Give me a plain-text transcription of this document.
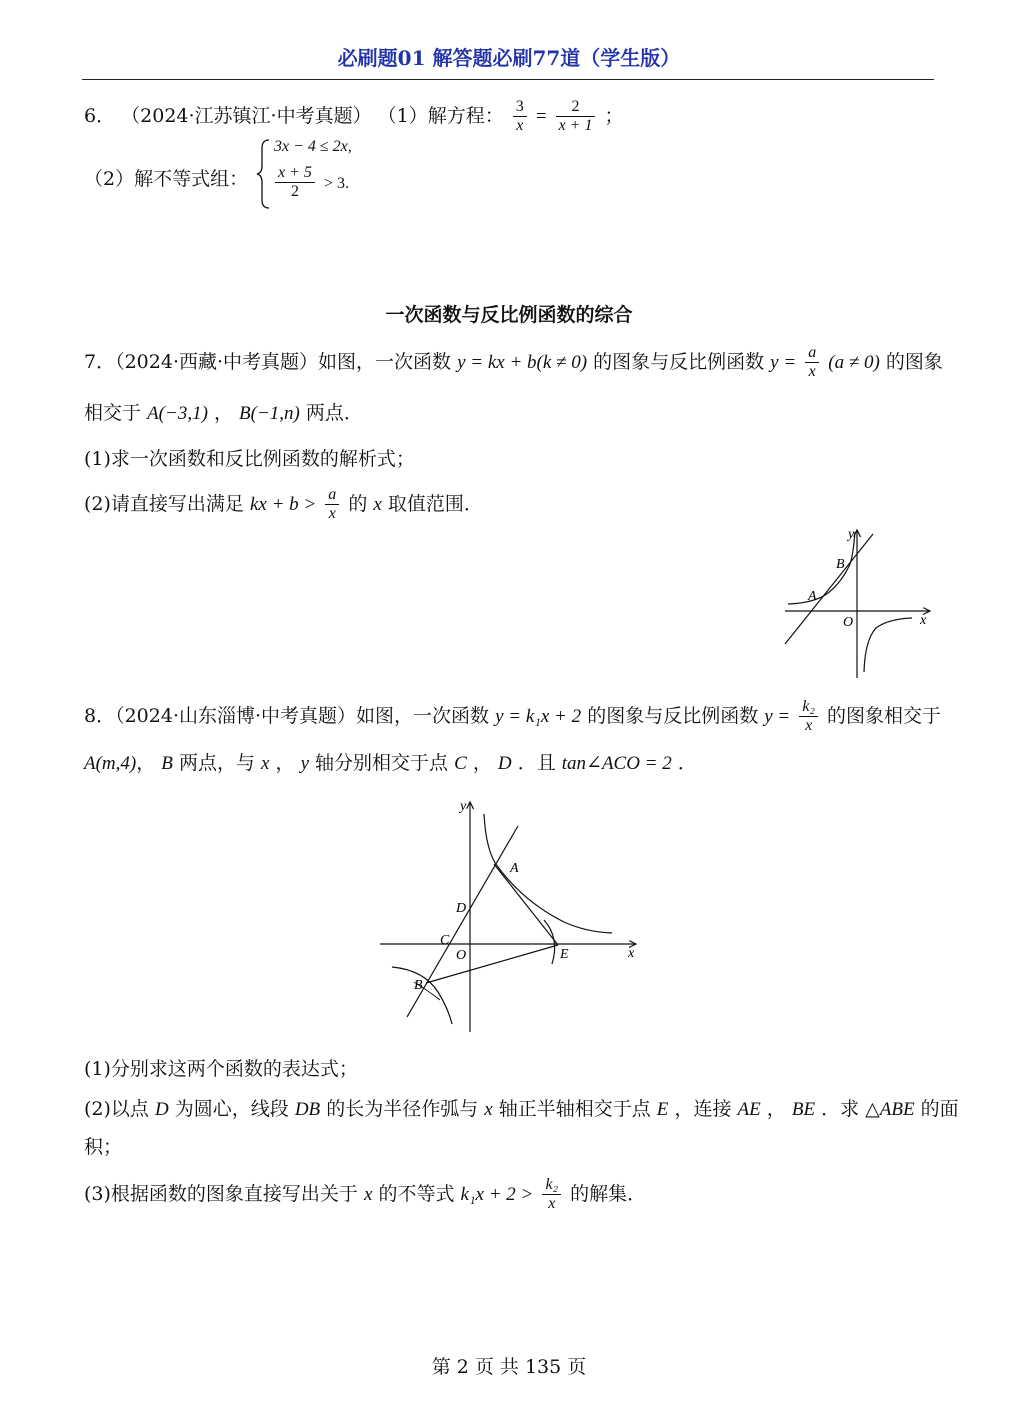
必刷题01 解答题必刷77道（学生版）
6． （2024·江苏镇江·中考真题） （1）解方程： $\frac{3}{x} = \frac{2}{x + 1}$ ；
（2）解不等式组：
3x − 4 ≤ 2x,
$\frac{x + 5}{2} > 3$.
一次函数与反比例函数的综合
7．（2024·西藏·中考真题）如图，一次函数 y = kx + b(k ≠ 0) 的图象与反比例函数 $y = \frac{a}{x} (a \ne 0)$ 的图象
相交于 A(−3,1) ， B(−1,n) 两点．
(1)求一次函数和反比例函数的解析式；
(2)请直接写出满足 kx + $b > \frac{a}{x}$ 的 x 取值范围．
y
x
O
A
B
8．（2024·山东淄博·中考真题）如图，一次函数 y = k₁x + 2 的图象与反比例函数 $y = \frac{\text{k₂}}{x}$ 的图象相交于
A(m,4)， B 两点，与 x ， y 轴分别相交于点 C ， D ．且 tan∠ACO = 2 ．
y
x
O
A
B
C
D
E
(1)分别求这两个函数的表达式；
(2)以点 D 为圆心，线段 DB 的长为半径作弧与 x 轴正半轴相交于点 E ，连接 AE ， BE ．求 △ABE 的面
积；
(3)根据函数的图象直接写出关于 x 的不等式 $k_1x + 2 > \frac{\text{k₂}}{x}$ 的解集．
第 2 页 共 135 页
